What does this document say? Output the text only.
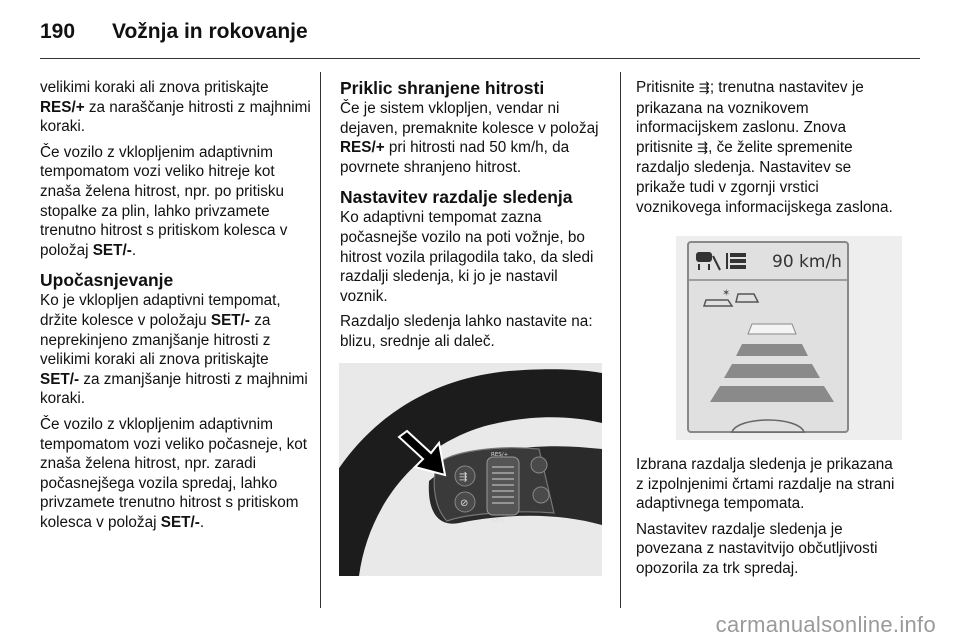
190 Vožnja in rokovanje

velikimi koraki ali znova pritiskajte RES/+ za naraščanje hitrosti z majhnimi koraki.

Če vozilo z vklopljenim adaptivnim tempomatom vozi veliko hitreje kot znaša želena hitrost, npr. po pritisku stopalke za plin, lahko privzamete trenutno hitrost s pritiskom kolesca v položaj SET/-.

Upočasnjevanje

Ko je vklopljen adaptivni tempomat, držite kolesce v položaju SET/- za neprekinjeno zmanjšanje hitrosti z velikimi koraki ali znova pritiskajte SET/- za zmanjšanje hitrosti z majhnimi koraki.

Če vozilo z vklopljenim adaptivnim tempomatom vozi veliko počasneje, kot znaša želena hitrost, npr. zaradi počasnejšega vozila spredaj, lahko privzamete trenutno hitrost s pritiskom kolesca v položaj SET/-.

Priklic shranjene hitrosti

Če je sistem vklopljen, vendar ni dejaven, premaknite kolesce v položaj RES/+ pri hitrosti nad 50 km/h, da povrnete shranjeno hitrost.

Nastavitev razdalje sledenja

Ko adaptivni tempomat zazna počasnejše vozilo na poti vožnje, bo hitrost vozila prilagodila tako, da sledi razdalji sledenja, ki jo je nastavil voznik.

Razdaljo sledenja lahko nastavite na: blizu, srednje ali daleč.

⇶
⊘
RES/+
SET/-

Pritisnite ⇶; trenutna nastavitev je prikazana na voznikovem informacijskem zaslonu. Znova pritisnite ⇶, če želite spremenite razdaljo sledenja. Nastavitev se prikaže tudi v zgornji vrstici voznikovega informacijskega zaslona.

90 km/h
✶

Izbrana razdalja sledenja je prikazana z izpolnjenimi črtami razdalje na strani adaptivnega tempomata.

Nastavitev razdalje sledenja je povezana z nastavitvijo občutljivosti opozorila za trk spredaj.

carmanualsonline.info
